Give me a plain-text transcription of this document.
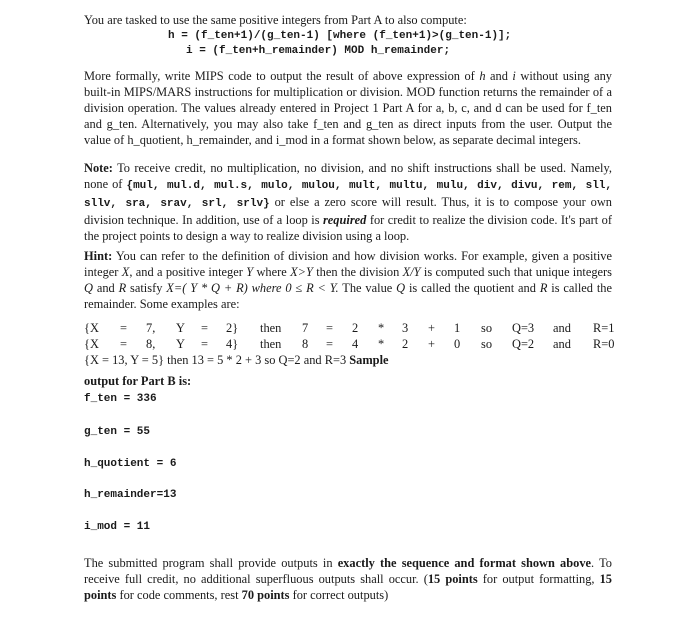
You are tasked to use the same positive integers from Part A to also compute:
h = (f_ten+1)/(g_ten-1) [where (f_ten+1)>(g_ten-1)];
i = (f_ten+h_remainder) MOD h_remainder;

More formally, write MIPS code to output the result of above expression of h and i without using any built-in MIPS/MARS instructions for multiplication or division. MOD function returns the remainder of a division operation. The values already entered in Project 1 Part A for a, b, c, and d can be used for f_ten and g_ten. Alternatively, you may also take f_ten and g_ten as direct inputs from the user. Output the value of h_quotient, h_remainder, and i_mod in a format shown below, as separate decimal integers.

Note: To receive credit, no multiplication, no division, and no shift instructions shall be used. Namely, none of {mul, mul.d, mul.s, mulo, mulou, mult, multu, mulu, div, divu, rem, sll, sllv, sra, srav, srl, srlv} or else a zero score will result. Thus, it is to compose your own division technique. In addition, use of a loop is required for credit to realize the division code. It's part of the project points to design a way to realize division using a loop.

Hint: You can refer to the definition of division and how division works. For example, given a positive integer X, and a positive integer Y where X>Y then the division X/Y is computed such that unique integers Q and R satisfy X=( Y * Q + R) where 0 ≤ R < Y. The value Q is called the quotient and R is called the remainder. Some examples are:

{X = 7, Y = 2} then 7 = 2 * 3 + 1 so Q=3 and R=1
{X = 8, Y = 4} then 8 = 4 * 2 + 0 so Q=2 and R=0
{X = 13, Y = 5} then 13 = 5 * 2 + 3 so Q=2 and R=3 Sample
output for Part B is:
f_ten = 336
g_ten = 55
h_quotient = 6
h_remainder=13
i_mod = 11

The submitted program shall provide outputs in exactly the sequence and format shown above. To receive full credit, no additional superfluous outputs shall occur. (15 points for output formatting, 15 points for code comments, rest 70 points for correct outputs)
